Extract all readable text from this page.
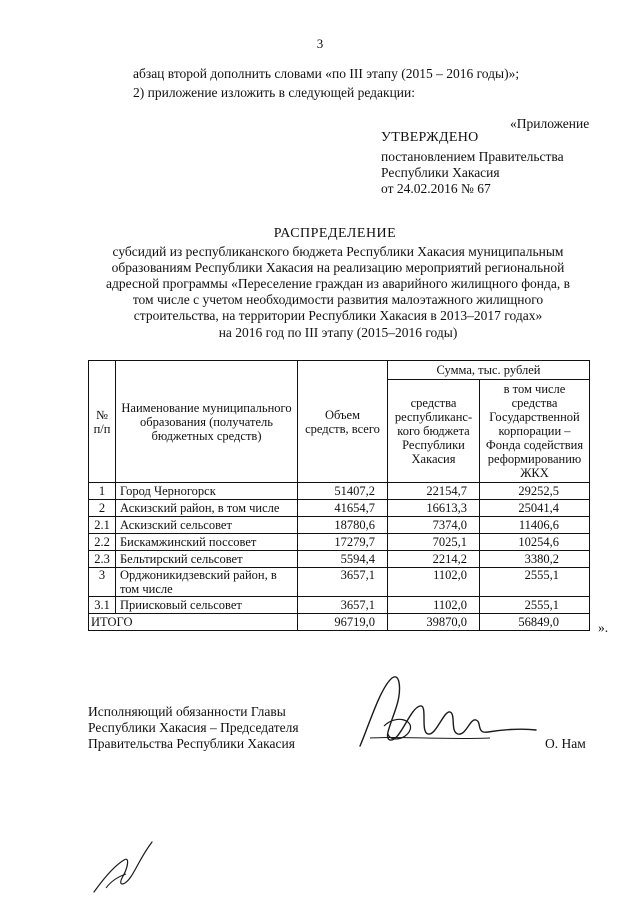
3
абзац второй дополнить словами «по III этапу (2015 – 2016 годы)»;
2) приложение изложить в следующей редакции:
«Приложение
УТВЕРЖДЕНО
постановлением Правительства
Республики Хакасия
от 24.02.2016 № 67
РАСПРЕДЕЛЕНИЕ
субсидий из республиканского бюджета Республики Хакасия муниципальным
образованиям Республики Хакасия на реализацию мероприятий региональной
адресной программы «Переселение граждан из аварийного жилищного фонда, в
том числе с учетом необходимости развития малоэтажного жилищного
строительства, на территории Республики Хакасия в 2013–2017 годах»
на 2016 год по III этапу (2015–2016 годы)
№ п/п	Наименование муниципального образования (получатель бюджетных средств)	Объем средств, всего	Сумма, тыс. рублей	
			средства республиканс-кого бюджета Республики Хакасия	в том числе средства Государственной корпорации – Фонда содействия реформированию ЖКХ
1	Город Черногорск	51407,2	22154,7	29252,5
2	Аскизский район, в том числе	41654,7	16613,3	25041,4
2.1	Аскизский сельсовет	18780,6	7374,0	11406,6
2.2	Бискамжинский поссовет	17279,7	7025,1	10254,6
2.3	Бельтирский сельсовет	5594,4	2214,2	3380,2
3	Орджоникидзевский район, в том числе	3657,1	1102,0	2555,1
3.1	Приисковый сельсовет	3657,1	1102,0	2555,1
ИТОГО		96719,0	39870,0	56849,0	».
Исполняющий обязанности Главы
Республики Хакасия – Председателя
Правительства Республики Хакасия	О. Нам
